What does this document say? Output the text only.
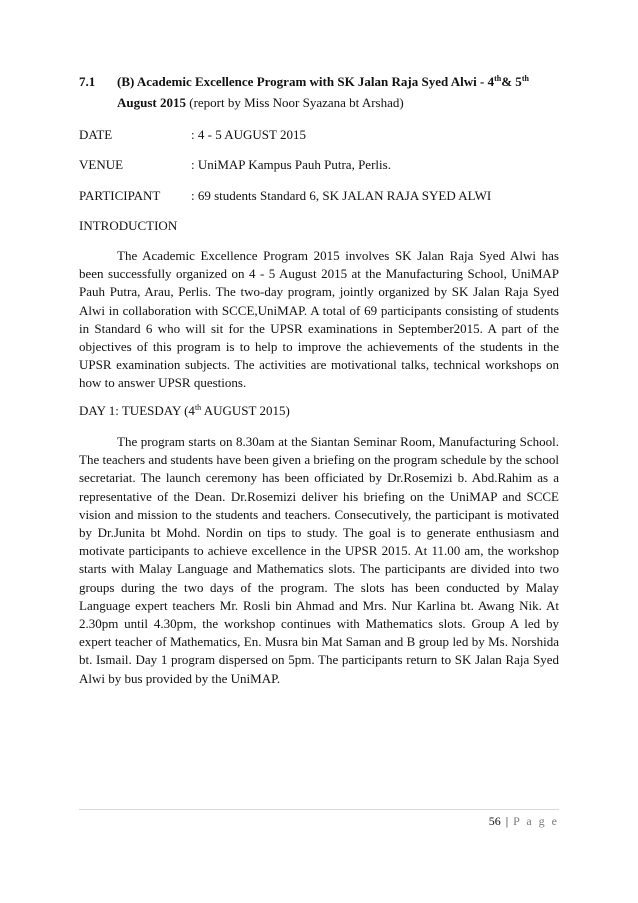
7.1 (B) Academic Excellence Program with SK Jalan Raja Syed Alwi - 4th& 5th
August 2015 (report by Miss Noor Syazana bt Arshad)
DATE	: 4 - 5 AUGUST 2015
VENUE	: UniMAP Kampus Pauh Putra, Perlis.
PARTICIPANT : 69 students Standard 6, SK JALAN RAJA SYED ALWI
INTRODUCTION

The Academic Excellence Program 2015 involves SK Jalan Raja Syed Alwi has been successfully organized on 4 - 5 August 2015 at the Manufacturing School, UniMAP Pauh Putra, Arau, Perlis. The two-day program, jointly organized by SK Jalan Raja Syed Alwi in collaboration with SCCE,UniMAP. A total of 69 participants consisting of students in Standard 6 who will sit for the UPSR examinations in September2015. A part of the objectives of this program is to help to improve the achievements of the students in the UPSR examination subjects. The activities are motivational talks, technical workshops on how to answer UPSR questions.

DAY 1: TUESDAY (4th AUGUST 2015)

The program starts on 8.30am at the Siantan Seminar Room, Manufacturing School. The teachers and students have been given a briefing on the program schedule by the school secretariat. The launch ceremony has been officiated by Dr.Rosemizi b. Abd.Rahim as a representative of the Dean. Dr.Rosemizi deliver his briefing on the UniMAP and SCCE vision and mission to the students and teachers. Consecutively, the participant is motivated by Dr.Junita bt Mohd. Nordin on tips to study. The goal is to generate enthusiasm and motivate participants to achieve excellence in the UPSR 2015. At 11.00 am, the workshop starts with Malay Language and Mathematics slots. The participants are divided into two groups during the two days of the program. The slots has been conducted by Malay Language expert teachers Mr. Rosli bin Ahmad and Mrs. Nur Karlina bt. Awang Nik. At 2.30pm until 4.30pm, the workshop continues with Mathematics slots. Group A led by expert teacher of Mathematics, En. Musra bin Mat Saman and B group led by Ms. Norshida bt. Ismail. Day 1 program dispersed on 5pm. The participants return to SK Jalan Raja Syed Alwi by bus provided by the UniMAP.

56 | P a g e
